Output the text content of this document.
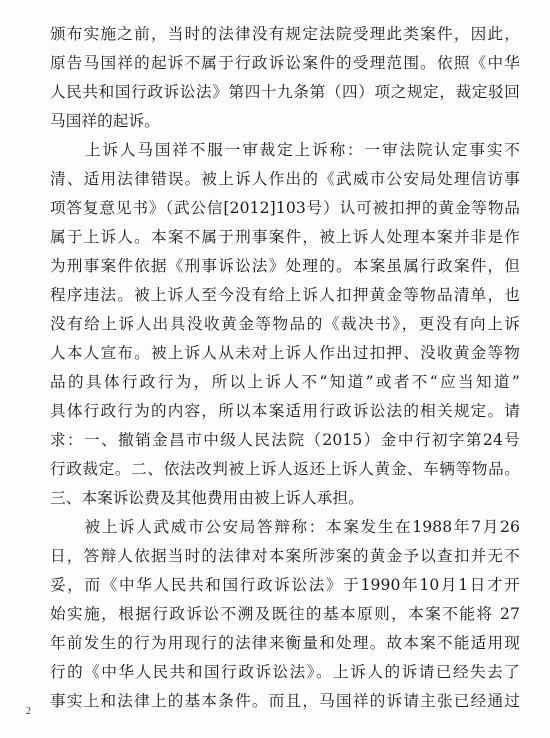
颁布实施之前，当时的法律没有规定法院受理此类案件，因此，
原告马国祥的起诉不属于行政诉讼案件的受理范围。依照《中华
人民共和国行政诉讼法》第四十九条第（四）项之规定，裁定驳回
马国祥的起诉。
　　上诉人马国祥不服一审裁定上诉称：一审法院认定事实不
清、适用法律错误。被上诉人作出的《武威市公安局处理信访事
项答复意见书》（武公信[2012]103号）认可被扣押的黄金等物品
属于上诉人。本案不属于刑事案件，被上诉人处理本案并非是作
为刑事案件依据《刑事诉讼法》处理的。本案虽属行政案件，但
程序违法。被上诉人至今没有给上诉人扣押黄金等物品清单，也
没有给上诉人出具没收黄金等物品的《裁决书》，更没有向上诉
人本人宣布。被上诉人从未对上诉人作出过扣押、没收黄金等物
品的具体行政行为，所以上诉人不“知道”或者不“应当知道”
具体行政行为的内容，所以本案适用行政诉讼法的相关规定。请
求：一、撤销金昌市中级人民法院（2015）金中行初字第24号
行政裁定。二、依法改判被上诉人返还上诉人黄金、车辆等物品。
三、本案诉讼费及其他费用由被上诉人承担。
　　被上诉人武威市公安局答辩称：本案发生在1988年7月26
日，答辩人依据当时的法律对本案所涉案的黄金予以查扣并无不
妥，而《中华人民共和国行政诉讼法》于1990年10月1日才开
始实施，根据行政诉讼不溯及既往的基本原则，本案不能将 27
年前发生的行为用现行的法律来衡量和处理。故本案不能适用现
行的《中华人民共和国行政诉讼法》。上诉人的诉请已经失去了
事实上和法律上的基本条件。而且，马国祥的诉请主张已经通过
2
